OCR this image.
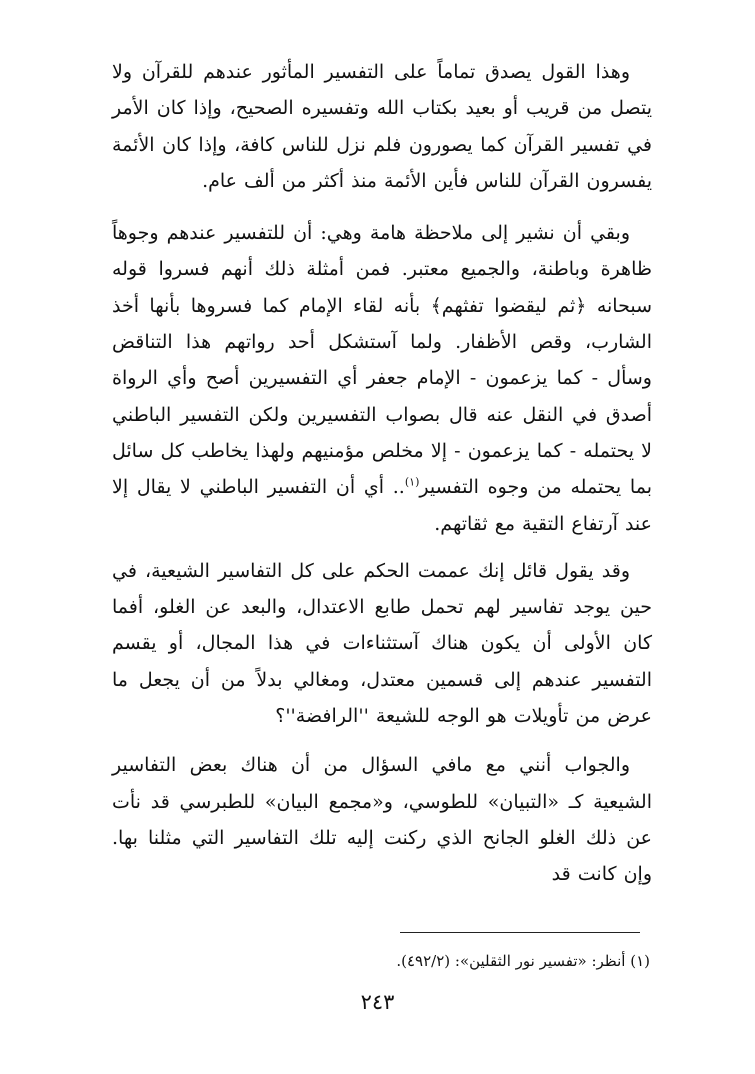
وهذا القول يصدق تماماً على التفسير المأثور عندهم للقرآن ولا يتصل من قريب أو بعيد بكتاب الله وتفسيره الصحيح، وإذا كان الأمر في تفسير القرآن كما يصورون فلم نزل للناس كافة، وإذا كان الأئمة يفسرون القرآن للناس فأين الأئمة منذ أكثر من ألف عام.

وبقي أن نشير إلى ملاحظة هامة وهي: أن للتفسير عندهم وجوهاً ظاهرة وباطنة، والجميع معتبر. فمن أمثلة ذلك أنهم فسروا قوله سبحانه ﴿ثم ليقضوا تفثهم﴾ بأنه لقاء الإمام كما فسروها بأنها أخذ الشارب، وقص الأظفار. ولما آستشكل أحد رواتهم هذا التناقض وسأل - كما يزعمون - الإمام جعفر أي التفسيرين أصح وأي الرواة أصدق في النقل عنه قال بصواب التفسيرين ولكن التفسير الباطني لا يحتمله - كما يزعمون - إلا مخلص مؤمنيهم ولهذا يخاطب كل سائل بما يحتمله من وجوه التفسير$^{(١)}$.. أي أن التفسير الباطني لا يقال إلا عند آرتفاع التقية مع ثقاتهم.

وقد يقول قائل إنك عممت الحكم على كل التفاسير الشيعية، في حين يوجد تفاسير لهم تحمل طابع الاعتدال، والبعد عن الغلو، أفما كان الأولى أن يكون هناك آستثناءات في هذا المجال، أو يقسم التفسير عندهم إلى قسمين معتدل، ومغالي بدلاً من أن يجعل ما عرض من تأويلات هو الوجه للشيعة ''الرافضة''؟

والجواب أنني مع مافي السؤال من أن هناك بعض التفاسير الشيعية كـ «التبيان» للطوسي، و«مجمع البيان» للطبرسي قد نأت عن ذلك الغلو الجانح الذي ركنت إليه تلك التفاسير التي مثلنا بها. وإن كانت قد

(١) أنظر: «تفسير نور الثقلين»: (٤٩٢/٢).
٢٤٣
